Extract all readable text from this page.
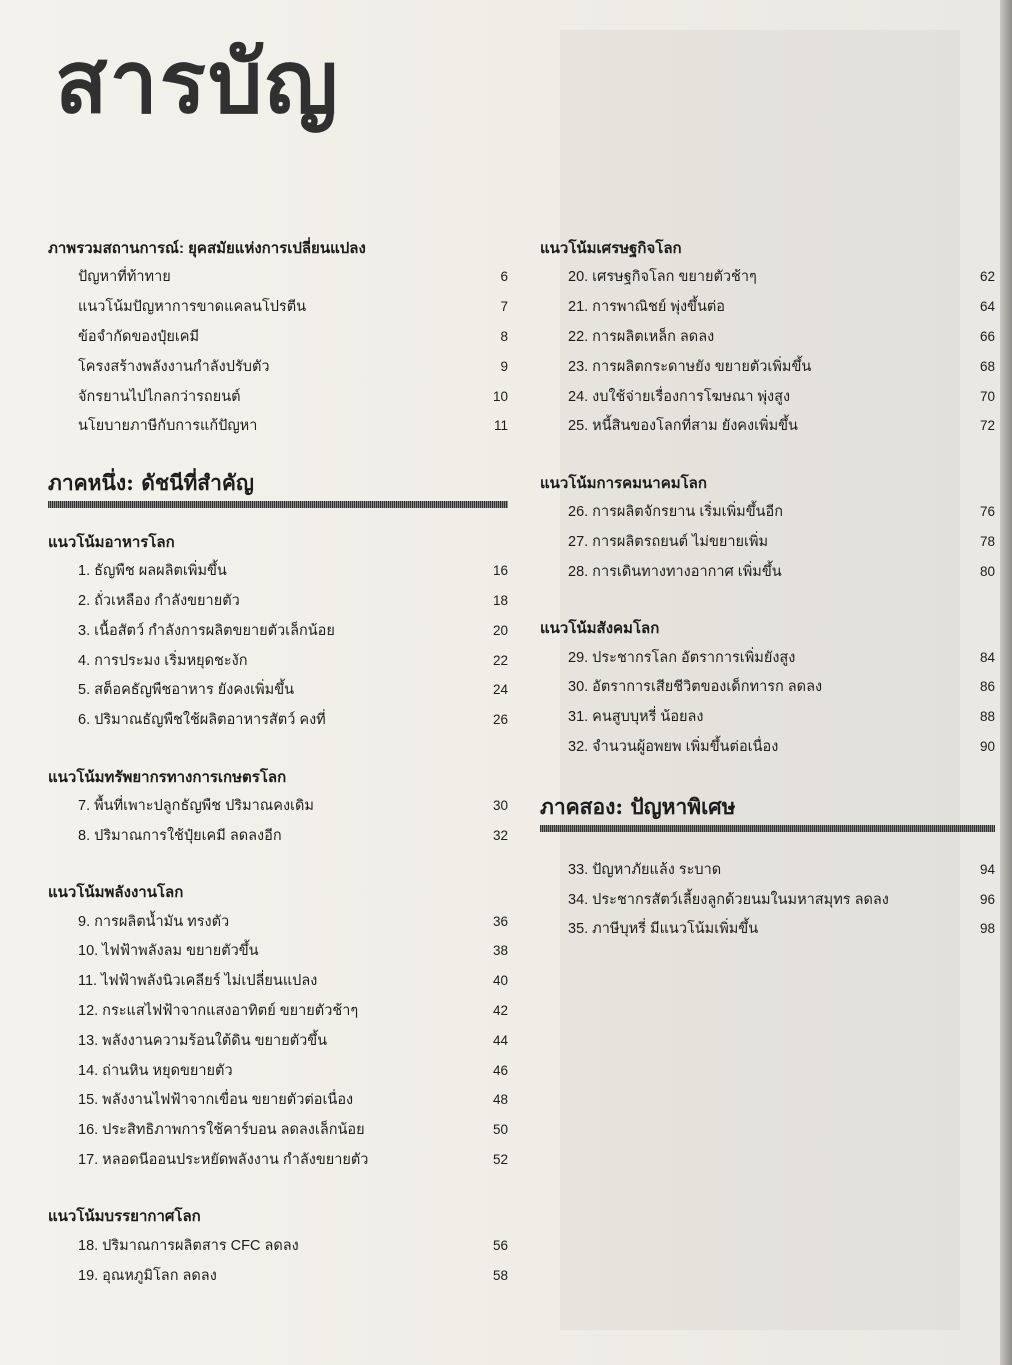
สารบัญ
ภาพรวมสถานการณ์: ยุคสมัยแห่งการเปลี่ยนแปลง
ปัญหาที่ท้าทาย	6
แนวโน้มปัญหาการขาดแคลนโปรตีน	7
ข้อจำกัดของปุ๋ยเคมี	8
โครงสร้างพลังงานกำลังปรับตัว	9
จักรยานไปไกลกว่ารถยนต์	10
นโยบายภาษีกับการแก้ปัญหา	11
ภาคหนึ่ง: ดัชนีที่สำคัญ
แนวโน้มอาหารโลก
1. ธัญพืช ผลผลิตเพิ่มขึ้น	16
2. ถั่วเหลือง กำลังขยายตัว	18
3. เนื้อสัตว์ กำลังการผลิตขยายตัวเล็กน้อย	20
4. การประมง เริ่มหยุดชะงัก	22
5. สต็อคธัญพืชอาหาร ยังคงเพิ่มขึ้น	24
6. ปริมาณธัญพืชใช้ผลิตอาหารสัตว์ คงที่	26
แนวโน้มทรัพยากรทางการเกษตรโลก
7. พื้นที่เพาะปลูกธัญพืช ปริมาณคงเดิม	30
8. ปริมาณการใช้ปุ๋ยเคมี ลดลงอีก	32
แนวโน้มพลังงานโลก
9. การผลิตน้ำมัน ทรงตัว	36
10. ไฟฟ้าพลังลม ขยายตัวขึ้น	38
11. ไฟฟ้าพลังนิวเคลียร์ ไม่เปลี่ยนแปลง	40
12. กระแสไฟฟ้าจากแสงอาทิตย์ ขยายตัวช้าๆ	42
13. พลังงานความร้อนใต้ดิน ขยายตัวขึ้น	44
14. ถ่านหิน หยุดขยายตัว	46
15. พลังงานไฟฟ้าจากเขื่อน ขยายตัวต่อเนื่อง	48
16. ประสิทธิภาพการใช้คาร์บอน ลดลงเล็กน้อย	50
17. หลอดนีออนประหยัดพลังงาน กำลังขยายตัว	52
แนวโน้มบรรยากาศโลก
18. ปริมาณการผลิตสาร CFC ลดลง	56
19. อุณหภูมิโลก ลดลง	58
แนวโน้มเศรษฐกิจโลก
20. เศรษฐกิจโลก ขยายตัวช้าๆ	62
21. การพาณิชย์ พุ่งขึ้นต่อ	64
22. การผลิตเหล็ก ลดลง	66
23. การผลิตกระดาษยัง ขยายตัวเพิ่มขึ้น	68
24. งบใช้จ่ายเรื่องการโฆษณา พุ่งสูง	70
25. หนี้สินของโลกที่สาม ยังคงเพิ่มขึ้น	72
แนวโน้มการคมนาคมโลก
26. การผลิตจักรยาน เริ่มเพิ่มขึ้นอีก	76
27. การผลิตรถยนต์ ไม่ขยายเพิ่ม	78
28. การเดินทางทางอากาศ เพิ่มขึ้น	80
แนวโน้มสังคมโลก
29. ประชากรโลก อัตราการเพิ่มยังสูง	84
30. อัตราการเสียชีวิตของเด็กทารก ลดลง	86
31. คนสูบบุหรี่ น้อยลง	88
32. จำนวนผู้อพยพ เพิ่มขึ้นต่อเนื่อง	90
ภาคสอง: ปัญหาพิเศษ
33. ปัญหาภัยแล้ง ระบาด	94
34. ประชากรสัตว์เลี้ยงลูกด้วยนมในมหาสมุทร ลดลง	96
35. ภาษีบุหรี่ มีแนวโน้มเพิ่มขึ้น	98
